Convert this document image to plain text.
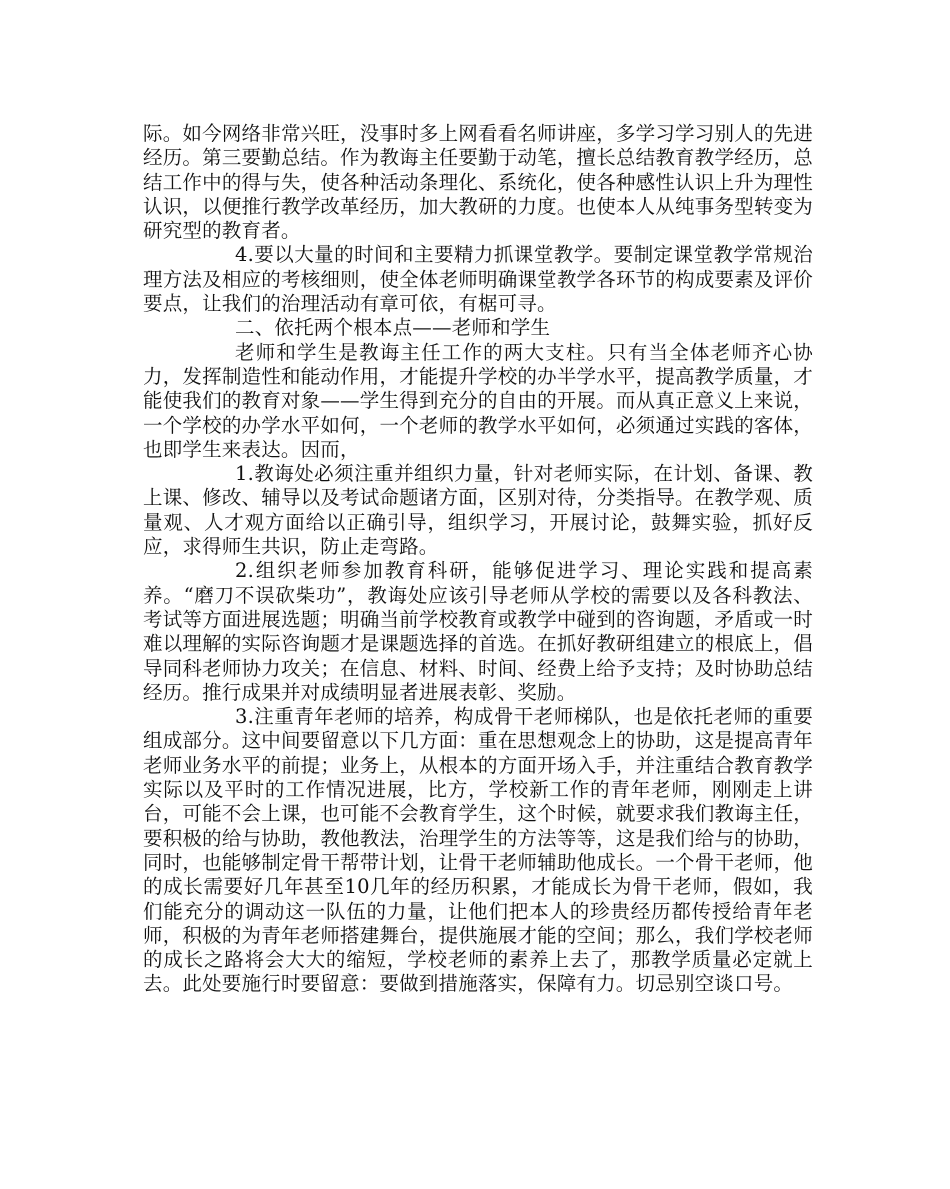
际。如今网络非常兴旺，没事时多上网看看名师讲座，多学习学习别人的先进经历。第三要勤总结。作为教诲主任要勤于动笔，擅长总结教育教学经历，总结工作中的得与失，使各种活动条理化、系统化，使各种感性认识上升为理性认识，以便推行教学改革经历，加大教研的力度。也使本人从纯事务型转变为研究型的教育者。

4.要以大量的时间和主要精力抓课堂教学。要制定课堂教学常规治理方法及相应的考核细则，使全体老师明确课堂教学各环节的构成要素及评价要点，让我们的治理活动有章可依，有椐可寻。

二、依托两个根本点——老师和学生

老师和学生是教诲主任工作的两大支柱。只有当全体老师齐心协力，发挥制造性和能动作用，才能提升学校的办半学水平，提高教学质量，才能使我们的教育对象——学生得到充分的自由的开展。而从真正意义上来说，一个学校的办学水平如何，一个老师的教学水平如何，必须通过实践的客体，也即学生来表达。因而，

1.教诲处必须注重并组织力量，针对老师实际，在计划、备课、教上课、修改、辅导以及考试命题诸方面，区别对待，分类指导。在教学观、质量观、人才观方面给以正确引导，组织学习，开展讨论，鼓舞实验，抓好反应，求得师生共识，防止走弯路。

2.组织老师参加教育科研，能够促进学习、理论实践和提高素养。“磨刀不误砍柴功”，教诲处应该引导老师从学校的需要以及各科教法、考试等方面进展选题；明确当前学校教育或教学中碰到的咨询题，矛盾或一时难以理解的实际咨询题才是课题选择的首选。在抓好教研组建立的根底上，倡导同科老师协力攻关；在信息、材料、时间、经费上给予支持；及时协助总结经历。推行成果并对成绩明显者进展表彰、奖励。

3.注重青年老师的培养，构成骨干老师梯队，也是依托老师的重要组成部分。这中间要留意以下几方面：重在思想观念上的协助，这是提高青年老师业务水平的前提；业务上，从根本的方面开场入手，并注重结合教育教学实际以及平时的工作情况进展，比方，学校新工作的青年老师，刚刚走上讲台，可能不会上课，也可能不会教育学生，这个时候，就要求我们教诲主任，要积极的给与协助，教他教法，治理学生的方法等等，这是我们给与的协助，同时，也能够制定骨干帮带计划，让骨干老师辅助他成长。一个骨干老师，他的成长需要好几年甚至10几年的经历积累，才能成长为骨干老师，假如，我们能充分的调动这一队伍的力量，让他们把本人的珍贵经历都传授给青年老师，积极的为青年老师搭建舞台，提供施展才能的空间；那么，我们学校老师的成长之路将会大大的缩短，学校老师的素养上去了，那教学质量必定就上去。此处要施行时要留意：要做到措施落实，保障有力。切忌别空谈口号。
